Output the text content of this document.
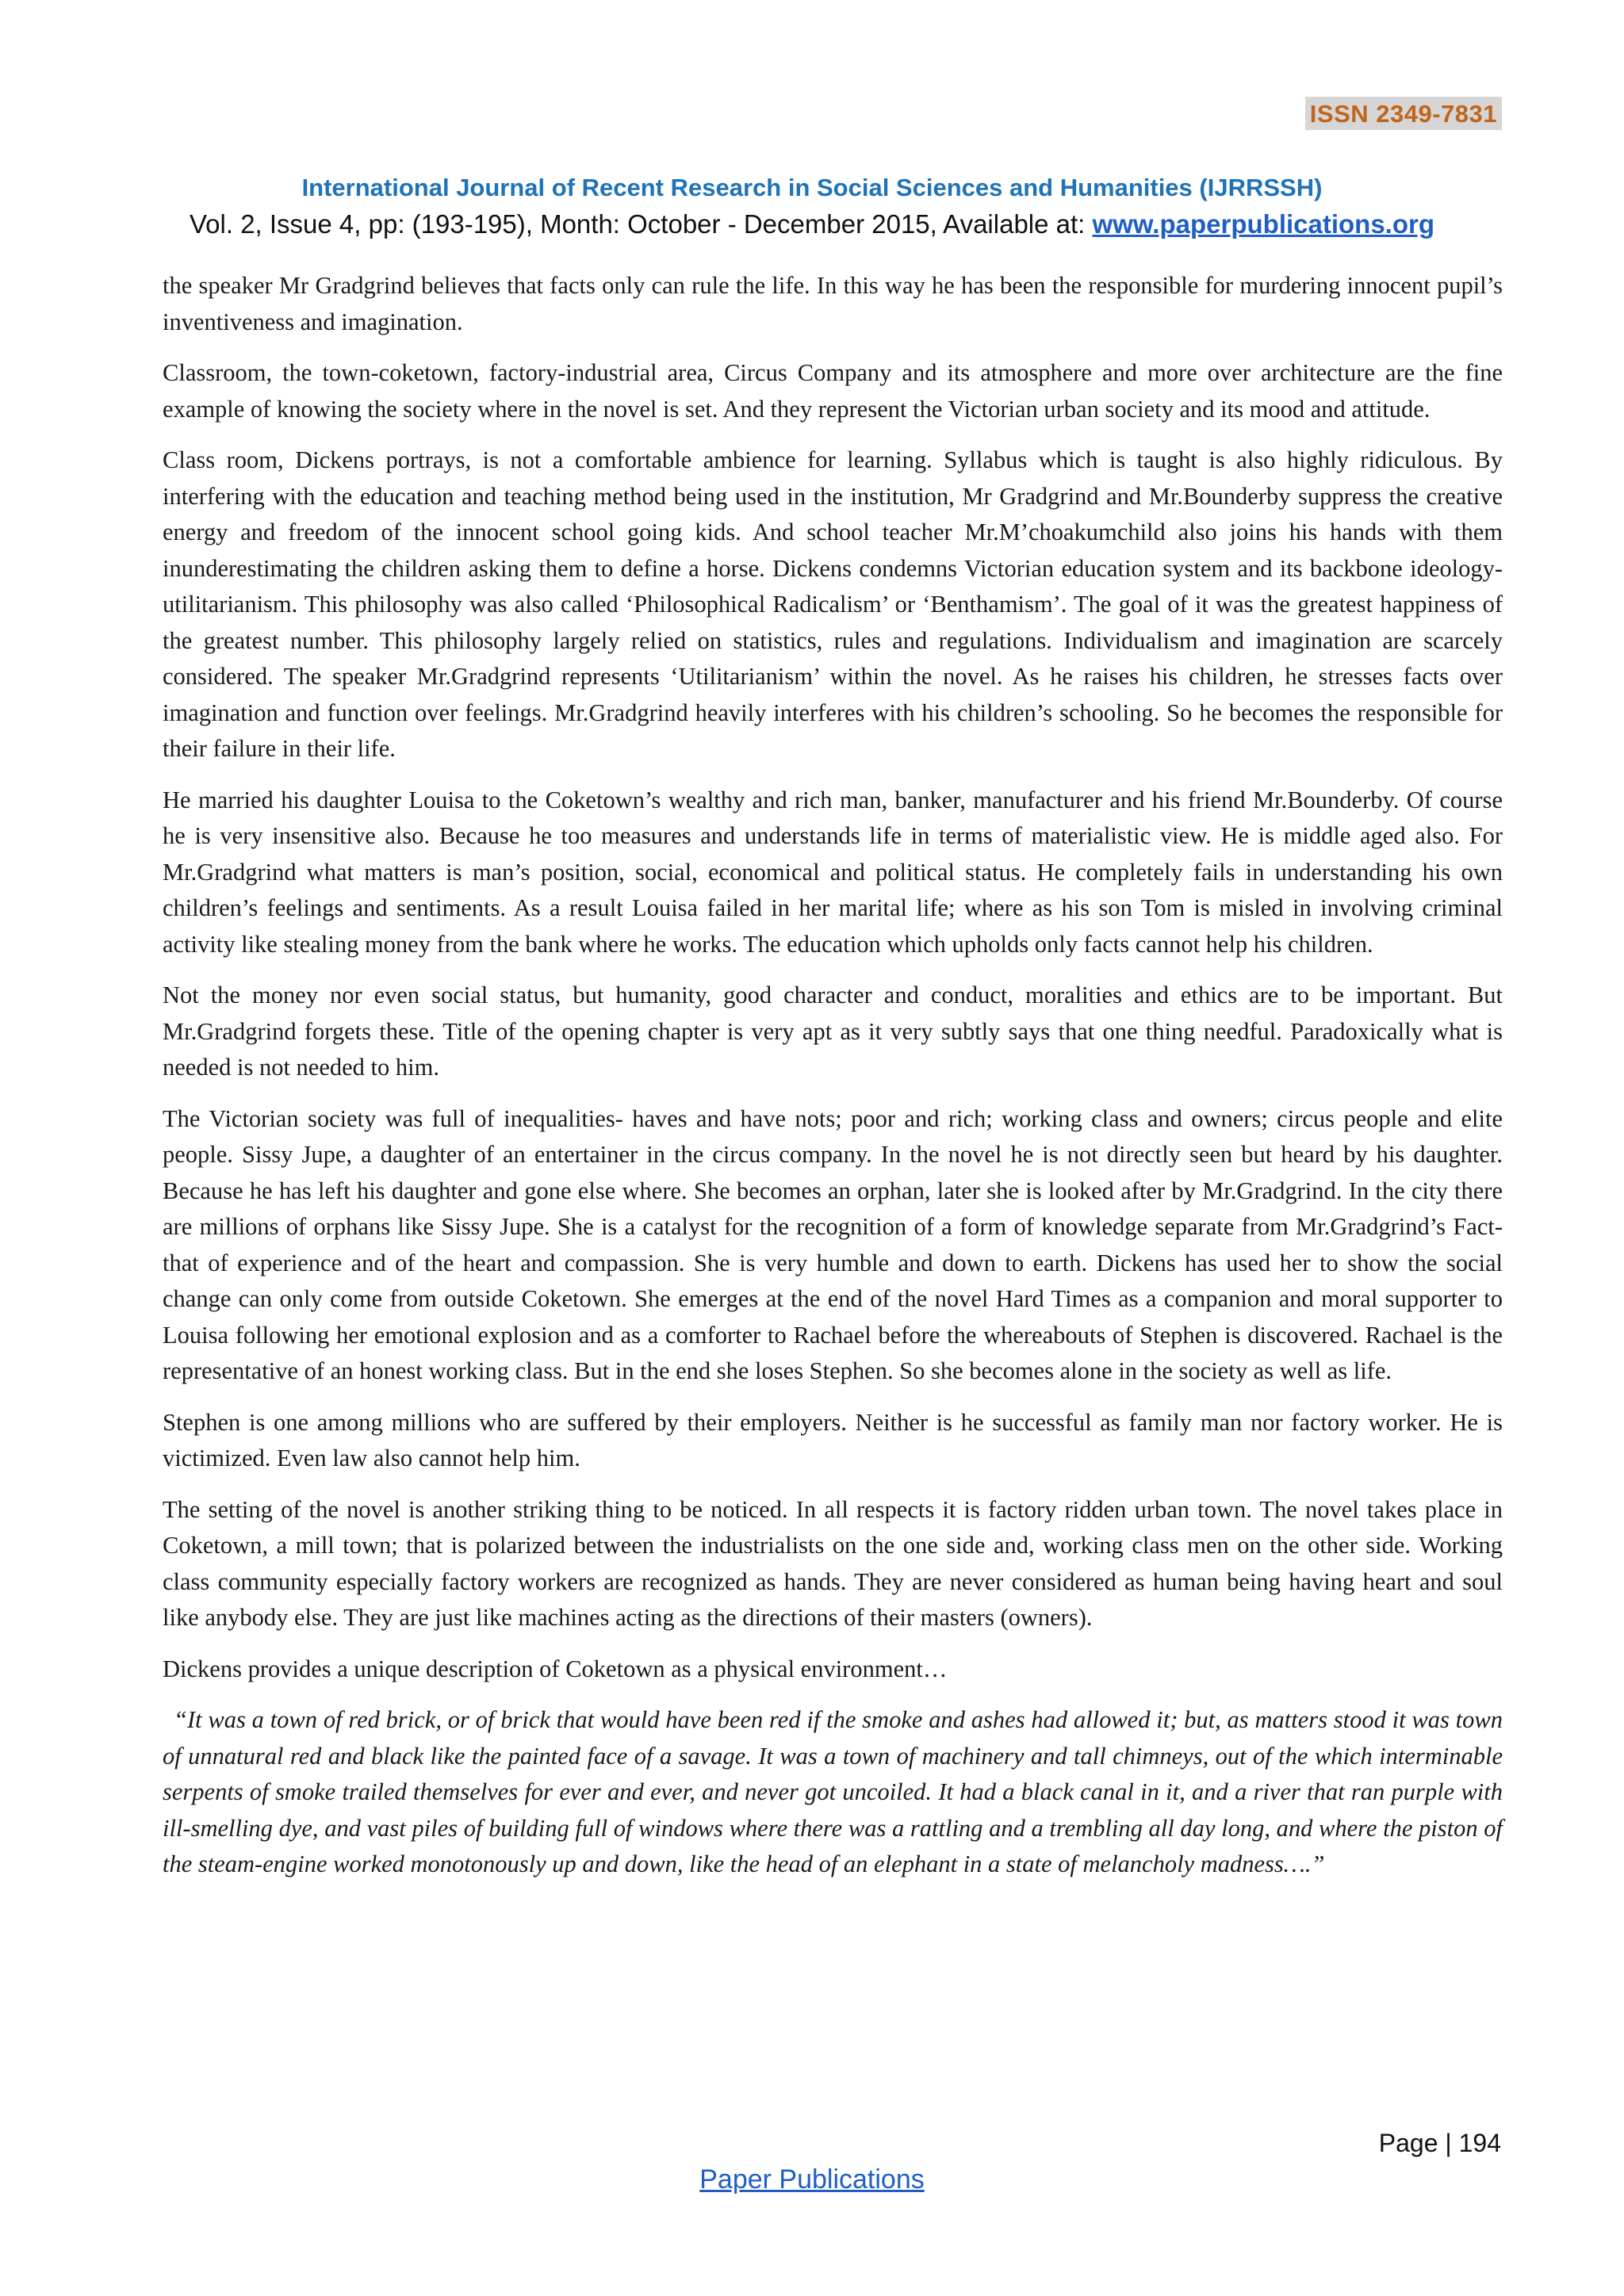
ISSN 2349-7831
International Journal of Recent Research in Social Sciences and Humanities (IJRRSSH)
Vol. 2, Issue 4, pp: (193-195), Month: October - December 2015, Available at: www.paperpublications.org

the speaker Mr Gradgrind believes that facts only can rule the life. In this way he has been the responsible for murdering innocent pupil’s inventiveness and imagination.

Classroom, the town-coketown, factory-industrial area, Circus Company and its atmosphere and more over architecture are the fine example of knowing the society where in the novel is set. And they represent the Victorian urban society and its mood and attitude.

Class room, Dickens portrays, is not a comfortable ambience for learning. Syllabus which is taught is also highly ridiculous. By interfering with the education and teaching method being used in the institution, Mr Gradgrind and Mr.Bounderby suppress the creative energy and freedom of the innocent school going kids. And school teacher Mr.M’choakumchild also joins his hands with them inunderestimating the children asking them to define a horse. Dickens condemns Victorian education system and its backbone ideology-utilitarianism. This philosophy was also called ‘Philosophical Radicalism’ or ‘Benthamism’. The goal of it was the greatest happiness of the greatest number. This philosophy largely relied on statistics, rules and regulations. Individualism and imagination are scarcely considered. The speaker Mr.Gradgrind represents ‘Utilitarianism’ within the novel. As he raises his children, he stresses facts over imagination and function over feelings. Mr.Gradgrind heavily interferes with his children’s schooling. So he becomes the responsible for their failure in their life.

He married his daughter Louisa to the Coketown’s wealthy and rich man, banker, manufacturer and his friend Mr.Bounderby. Of course he is very insensitive also. Because he too measures and understands life in terms of materialistic view. He is middle aged also. For Mr.Gradgrind what matters is man’s position, social, economical and political status. He completely fails in understanding his own children’s feelings and sentiments. As a result Louisa failed in her marital life; where as his son Tom is misled in involving criminal activity like stealing money from the bank where he works. The education which upholds only facts cannot help his children.

Not the money nor even social status, but humanity, good character and conduct, moralities and ethics are to be important. But Mr.Gradgrind forgets these. Title of the opening chapter is very apt as it very subtly says that one thing needful. Paradoxically what is needed is not needed to him.

The Victorian society was full of inequalities- haves and have nots; poor and rich; working class and owners; circus people and elite people. Sissy Jupe, a daughter of an entertainer in the circus company. In the novel he is not directly seen but heard by his daughter. Because he has left his daughter and gone else where. She becomes an orphan, later she is looked after by Mr.Gradgrind. In the city there are millions of orphans like Sissy Jupe. She is a catalyst for the recognition of a form of knowledge separate from Mr.Gradgrind’s Fact- that of experience and of the heart and compassion. She is very humble and down to earth. Dickens has used her to show the social change can only come from outside Coketown. She emerges at the end of the novel Hard Times as a companion and moral supporter to Louisa following her emotional explosion and as a comforter to Rachael before the whereabouts of Stephen is discovered. Rachael is the representative of an honest working class. But in the end she loses Stephen. So she becomes alone in the society as well as life.

Stephen is one among millions who are suffered by their employers. Neither is he successful as family man nor factory worker. He is victimized. Even law also cannot help him.

The setting of the novel is another striking thing to be noticed. In all respects it is factory ridden urban town. The novel takes place in Coketown, a mill town; that is polarized between the industrialists on the one side and, working class men on the other side. Working class community especially factory workers are recognized as hands. They are never considered as human being having heart and soul like anybody else. They are just like machines acting as the directions of their masters (owners).

Dickens provides a unique description of Coketown as a physical environment…

“It was a town of red brick, or of brick that would have been red if the smoke and ashes had allowed it; but, as matters stood it was town of unnatural red and black like the painted face of a savage. It was a town of machinery and tall chimneys, out of the which interminable serpents of smoke trailed themselves for ever and ever, and never got uncoiled. It had a black canal in it, and a river that ran purple with ill-smelling dye, and vast piles of building full of windows where there was a rattling and a trembling all day long, and where the piston of the steam-engine worked monotonously up and down, like the head of an elephant in a state of melancholy madness….”

Page | 194
Paper Publications
